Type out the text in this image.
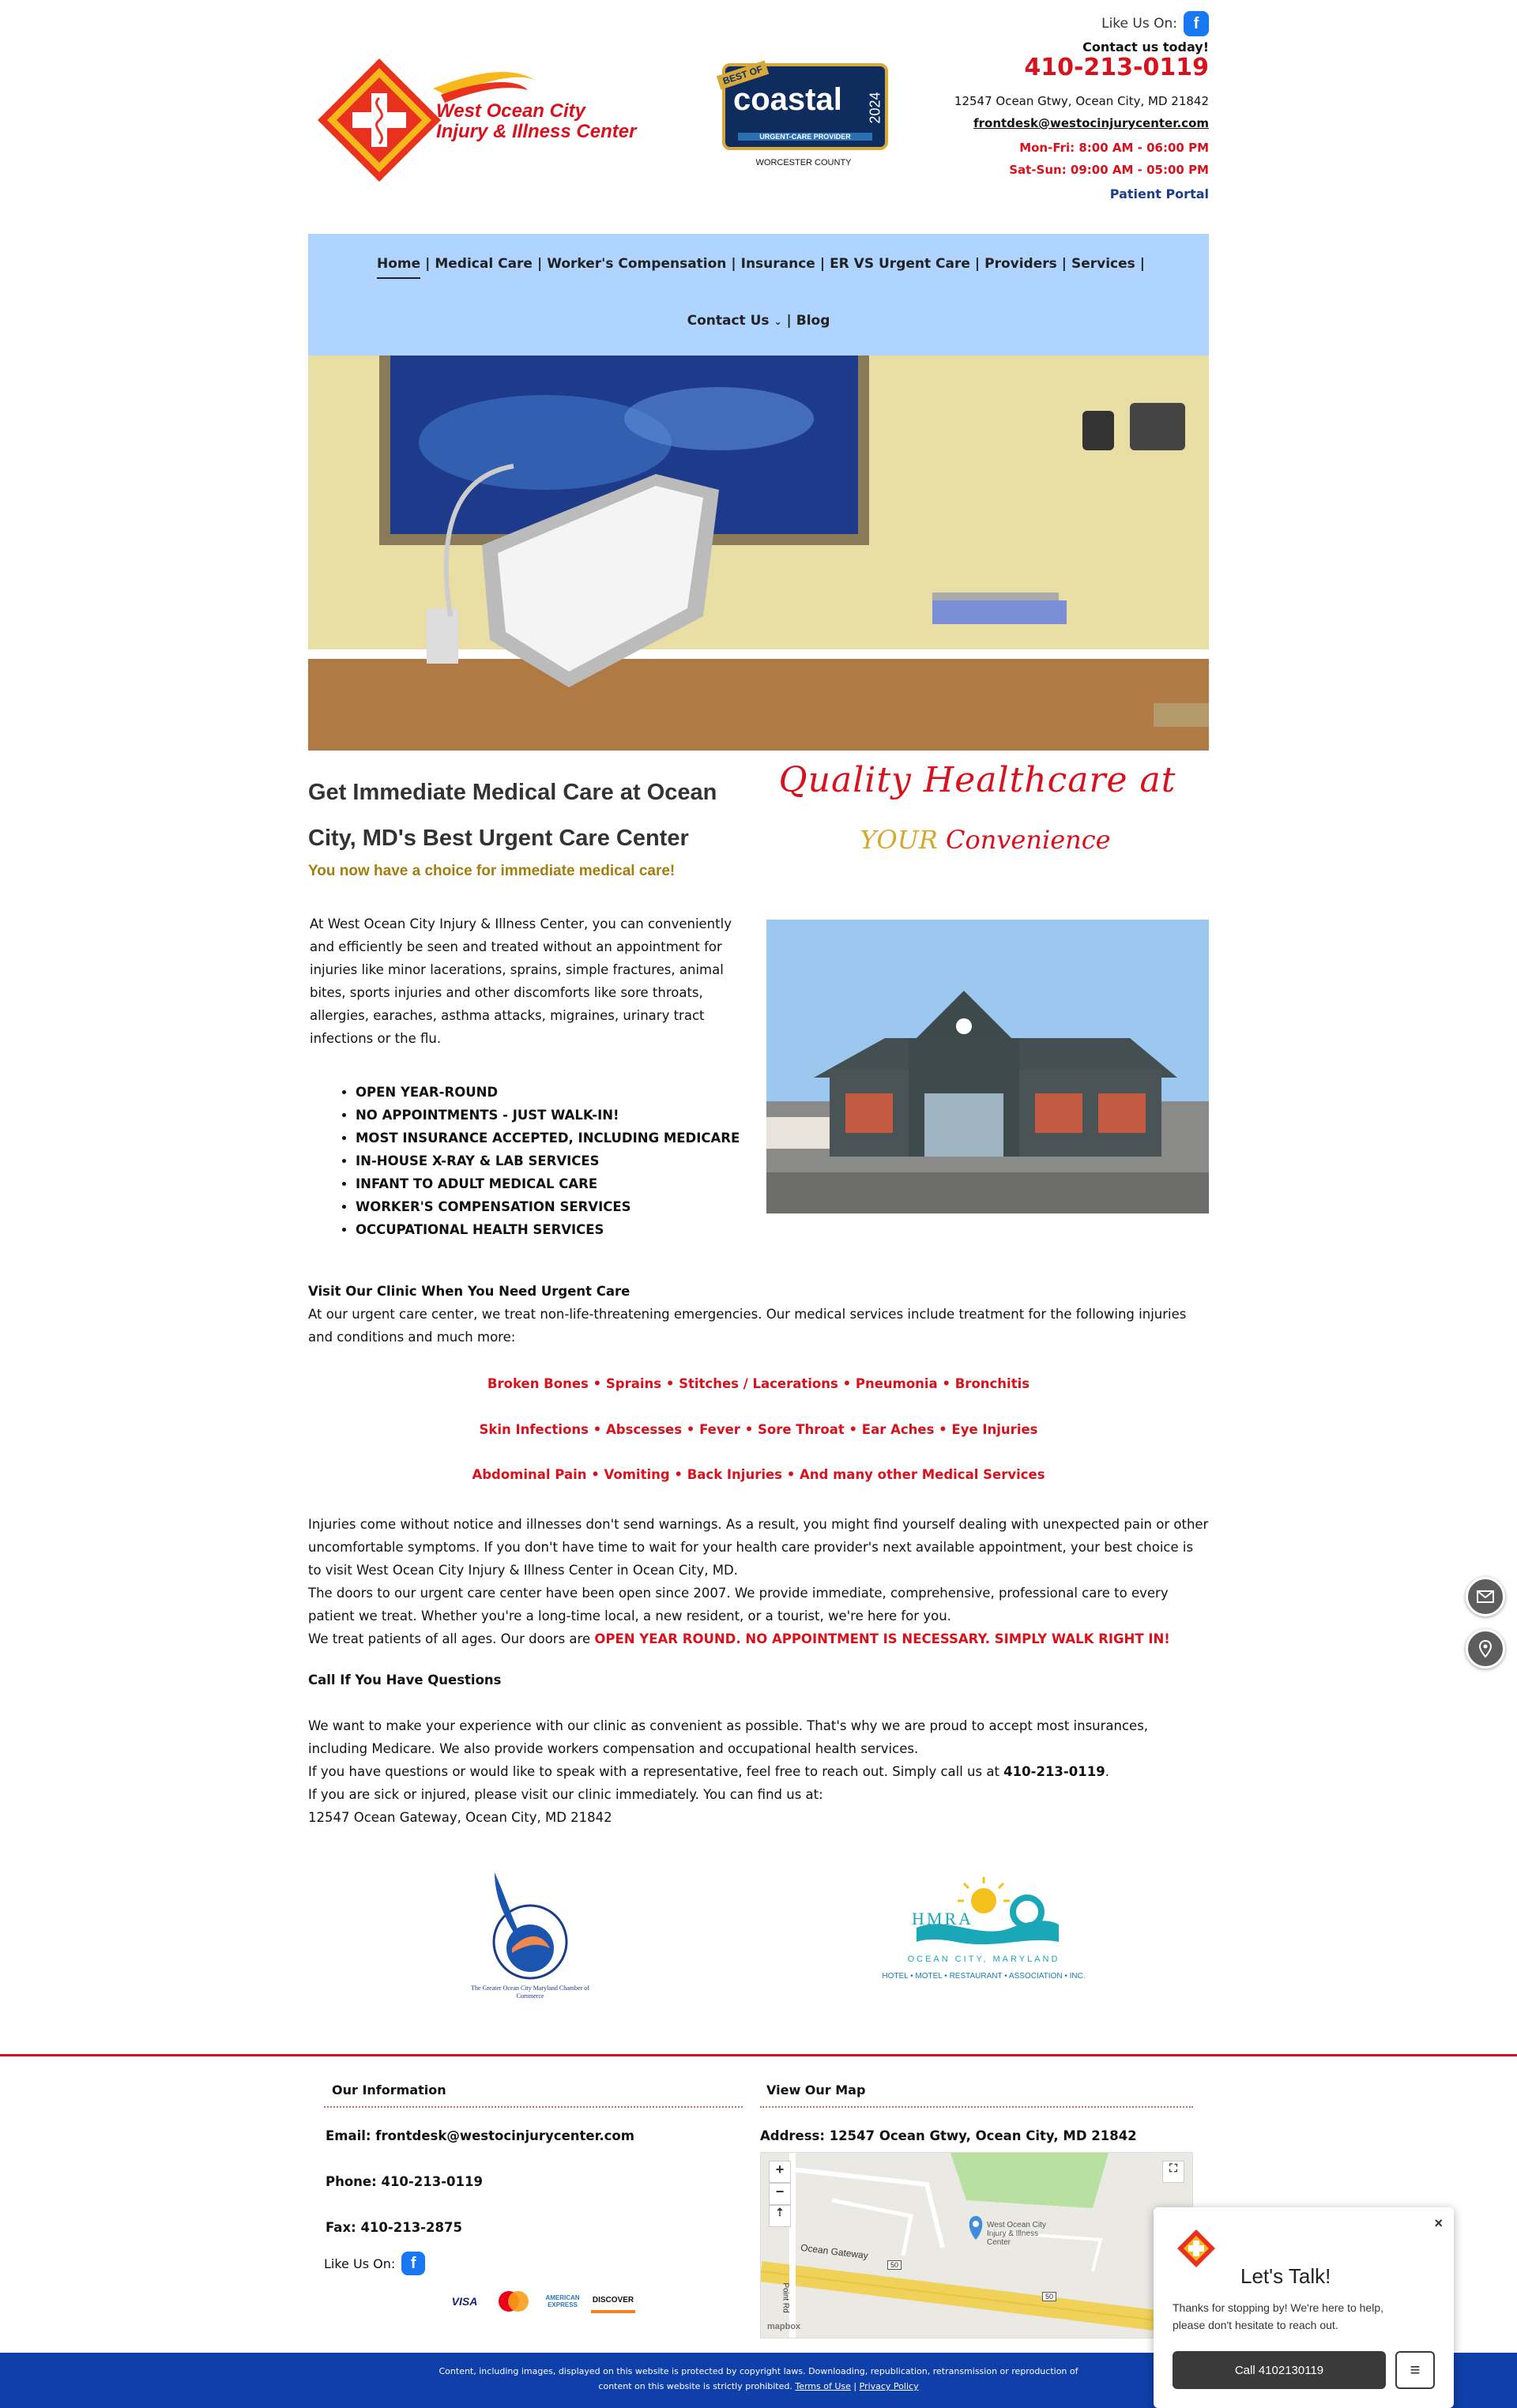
West Ocean City
Injury & Illness Center
BEST OF
coastal 2024
URGENT-CARE PROVIDER
WORCESTER COUNTY
Like Us On:	f
Contact us today!
410-213-0119
12547 Ocean Gtwy, Ocean City, MD 21842
frontdesk@westocinjurycenter.com
Mon-Fri: 8:00 AM - 06:00 PM
Sat-Sun: 09:00 AM - 05:00 PM
Patient Portal
Home | Medical Care | Worker's Compensation | Insurance | ER VS Urgent Care | Providers | Services |
Contact Us ⌄ | Blog
Get Immediate Medical Care at Ocean City, MD's Best Urgent Care Center
You now have a choice for immediate medical care!
Quality Healthcare at
YOUR Convenience
At West Ocean City Injury & Illness Center, you can conveniently and efficiently be seen and treated without an appointment for injuries like minor lacerations, sprains, simple fractures, animal bites, sports injuries and other discomforts like sore throats, allergies, earaches, asthma attacks, migraines, urinary tract infections or the flu.
• OPEN YEAR-ROUND
• NO APPOINTMENTS - JUST WALK-IN!
• MOST INSURANCE ACCEPTED, INCLUDING MEDICARE
• IN-HOUSE X-RAY & LAB SERVICES
• INFANT TO ADULT MEDICAL CARE
• WORKER'S COMPENSATION SERVICES
• OCCUPATIONAL HEALTH SERVICES
Visit Our Clinic When You Need Urgent Care
At our urgent care center, we treat non-life-threatening emergencies. Our medical services include treatment for the following injuries and conditions and much more:
Broken Bones • Sprains • Stitches / Lacerations • Pneumonia • Bronchitis
Skin Infections • Abscesses • Fever • Sore Throat • Ear Aches • Eye Injuries
Abdominal Pain • Vomiting • Back Injuries • And many other Medical Services
Injuries come without notice and illnesses don't send warnings. As a result, you might find yourself dealing with unexpected pain or other uncomfortable symptoms. If you don't have time to wait for your health care provider's next available appointment, your best choice is to visit West Ocean City Injury & Illness Center in Ocean City, MD.
The doors to our urgent care center have been open since 2007. We provide immediate, comprehensive, professional care to every patient we treat. Whether you're a long-time local, a new resident, or a tourist, we're here for you.
We treat patients of all ages. Our doors are OPEN YEAR ROUND. NO APPOINTMENT IS NECESSARY. SIMPLY WALK RIGHT IN!
Call If You Have Questions
We want to make your experience with our clinic as convenient as possible. That's why we are proud to accept most insurances, including Medicare. We also provide workers compensation and occupational health services.
If you have questions or would like to speak with a representative, feel free to reach out. Simply call us at 410-213-0119.
If you are sick or injured, please visit our clinic immediately. You can find us at:
12547 Ocean Gateway, Ocean City, MD 21842
The Greater Ocean City Maryland Chamber of Commerce
HMRA
OCEAN CITY, MARYLAND
HOTEL • MOTEL • RESTAURANT • ASSOCIATION • INC.
Our Information	View Our Map
Email: frontdesk@westocinjurycenter.com
Phone: 410-213-0119
Fax: 410-213-2875
Like Us On: f
VISA	AMERICAN EXPRESS
DISCOVER
Address: 12547 Ocean Gtwy, Ocean City, MD 21842
+
−
⇡
⛶
Ocean Gateway
50
50
West Ocean City Injury & Illness Center
Point Rd
mapbox
Content, including images, displayed on this website is protected by copyright laws. Downloading, republication, retransmission or reproduction of content on this website is strictly prohibited. Terms of Use | Privacy Policy
×
Let's Talk!
Thanks for stopping by! We're here to help, please don't hesitate to reach out.
Call 4102130119	≡
